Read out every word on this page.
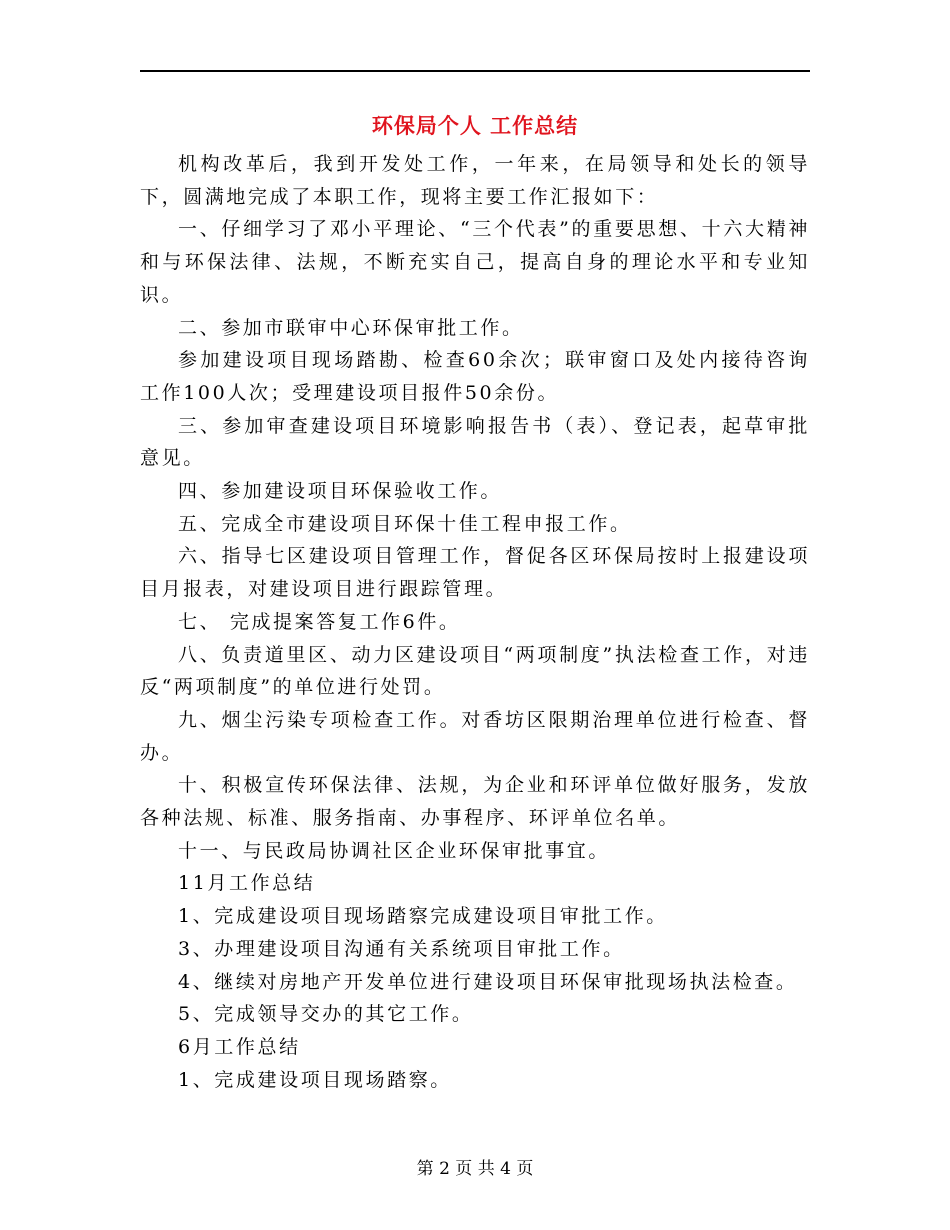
环保局个人 工作总结

机构改革后，我到开发处工作，一年来，在局领导和处长的领导下，圆满地完成了本职工作，现将主要工作汇报如下：

一、仔细学习了邓小平理论、“三个代表”的重要思想、十六大精神和与环保法律、法规，不断充实自己，提高自身的理论水平和专业知识。

二、参加市联审中心环保审批工作。

参加建设项目现场踏勘、检查60余次；联审窗口及处内接待咨询工作100人次；受理建设项目报件50余份。

三、参加审查建设项目环境影响报告书（表）、登记表，起草审批意见。

四、参加建设项目环保验收工作。

五、完成全市建设项目环保十佳工程申报工作。

六、指导七区建设项目管理工作，督促各区环保局按时上报建设项目月报表，对建设项目进行跟踪管理。

七、 完成提案答复工作6件。

八、负责道里区、动力区建设项目“两项制度”执法检查工作，对违反“两项制度”的单位进行处罚。

九、烟尘污染专项检查工作。对香坊区限期治理单位进行检查、督办。

十、积极宣传环保法律、法规，为企业和环评单位做好服务，发放各种法规、标准、服务指南、办事程序、环评单位名单。

十一、与民政局协调社区企业环保审批事宜。

11月工作总结

1、完成建设项目现场踏察完成建设项目审批工作。

3、办理建设项目沟通有关系统项目审批工作。

4、继续对房地产开发单位进行建设项目环保审批现场执法检查。

5、完成领导交办的其它工作。

6月工作总结

1、完成建设项目现场踏察。

第 2 页 共 4 页
